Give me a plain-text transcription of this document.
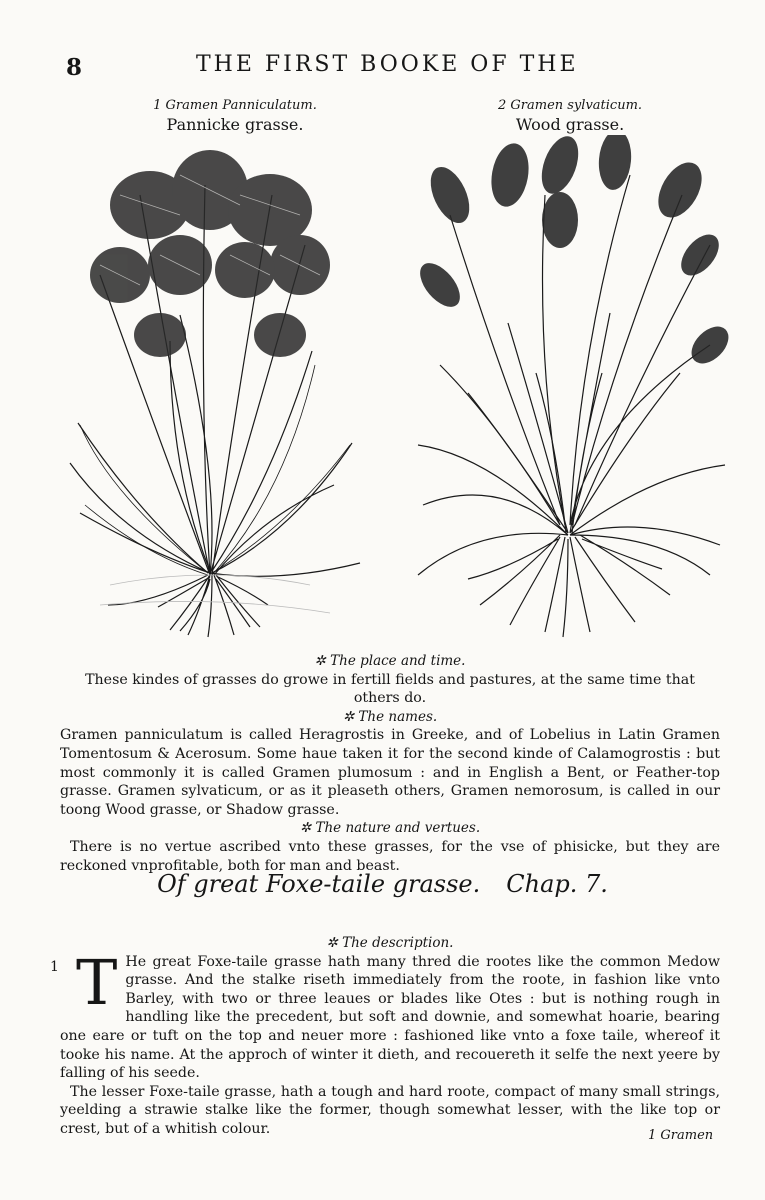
8	THE FIRST BOOKE OF THE
1 Gramen Panniculatum.
Pannicke grasse.
2 Gramen sylvaticum.
Wood grasse.
✲ The place and time.
These kindes of grasses do growe in fertill fields and pastures, at the same time that others do.
✲ The names.
Gramen panniculatum is called Heragrostis in Greeke, and of Lobelius in Latin Gramen Tomentosum & Acerosum. Some haue taken it for the second kinde of Calamogrostis : but most commonly it is called Gramen plumosum : and in English a Bent, or Feather-top grasse. Gramen sylvaticum, or as it pleaseth others, Gramen nemorosum, is called in our toong Wood grasse, or Shadow grasse.
✲ The nature and vertues.
There is no vertue ascribed vnto these grasses, for the vse of phisicke, but they are reckoned vnprofitable, both for man and beast.
Of great Foxe-taile grasse. Chap. 7.
✲ The description.
1 T He great Foxe-taile grasse hath many thred die rootes like the common Medow grasse. And the stalke riseth immediately from the roote, in fashion like vnto Barley, with two or three leaues or blades like Otes : but is nothing rough in handling like the precedent, but soft and downie, and somewhat hoarie, bearing one eare or tuft on the top and neuer more : fashioned like vnto a foxe taile, whereof it tooke his name. At the approch of winter it dieth, and recouereth it selfe the next yeere by falling of his seede.

The lesser Foxe-taile grasse, hath a tough and hard roote, compact of many small strings, yeelding a strawie stalke like the former, though somewhat lesser, with the like top or crest, but of a whitish colour.	1 Gramen
